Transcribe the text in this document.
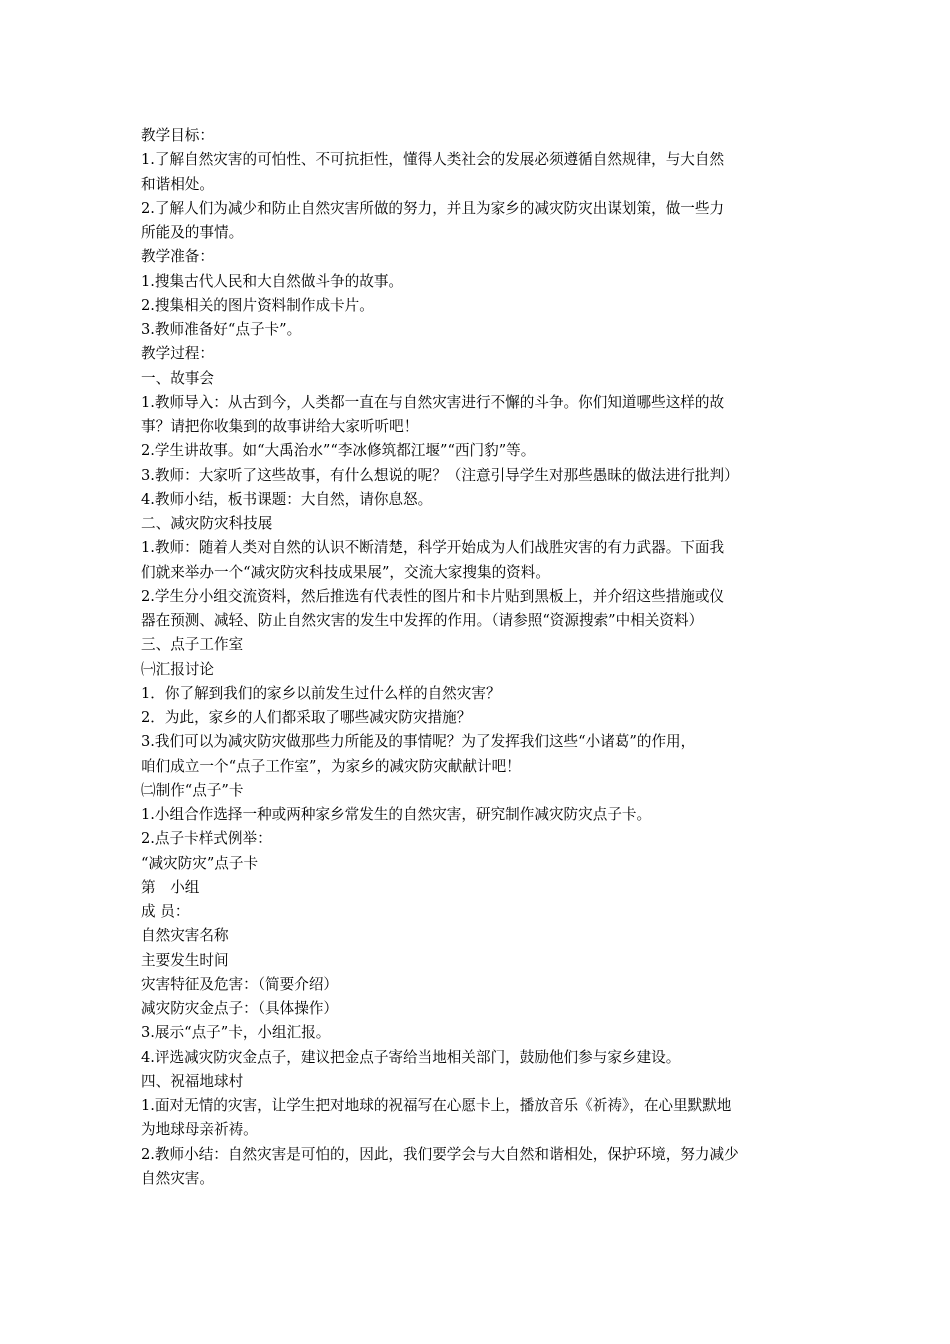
教学目标：
1.了解自然灾害的可怕性、不可抗拒性，懂得人类社会的发展必须遵循自然规律，与大自然
和谐相处。
2.了解人们为减少和防止自然灾害所做的努力，并且为家乡的减灾防灾出谋划策，做一些力
所能及的事情。
教学准备：
1.搜集古代人民和大自然做斗争的故事。
2.搜集相关的图片资料制作成卡片。
3.教师准备好“点子卡”。
教学过程：
一、故事会
1.教师导入：从古到今，人类都一直在与自然灾害进行不懈的斗争。你们知道哪些这样的故
事？请把你收集到的故事讲给大家听听吧！
2.学生讲故事。如“大禹治水”“李冰修筑都江堰”“西门豹”等。
3.教师：大家听了这些故事，有什么想说的呢？（注意引导学生对那些愚昧的做法进行批判）
4.教师小结，板书课题：大自然，请你息怒。
二、减灾防灾科技展
1.教师：随着人类对自然的认识不断清楚，科学开始成为人们战胜灾害的有力武器。下面我
们就来举办一个“减灾防灾科技成果展”，交流大家搜集的资料。
2.学生分小组交流资料，然后推选有代表性的图片和卡片贴到黑板上，并介绍这些措施或仪
器在预测、减轻、防止自然灾害的发生中发挥的作用。（请参照“资源搜索”中相关资料）
三、点子工作室
㈠汇报讨论
1．你了解到我们的家乡以前发生过什么样的自然灾害？
2．为此，家乡的人们都采取了哪些减灾防灾措施？
3.我们可以为减灾防灾做那些力所能及的事情呢？为了发挥我们这些“小诸葛”的作用，
咱们成立一个“点子工作室”，为家乡的减灾防灾献献计吧！
㈡制作“点子”卡
1.小组合作选择一种或两种家乡常发生的自然灾害，研究制作减灾防灾点子卡。
2.点子卡样式例举：
“减灾防灾”点子卡
第　小组
成 员：
自然灾害名称
主要发生时间
灾害特征及危害：（简要介绍）
减灾防灾金点子：（具体操作）
3.展示“点子”卡，小组汇报。
4.评选减灾防灾金点子，建议把金点子寄给当地相关部门，鼓励他们参与家乡建设。
四、祝福地球村
1.面对无情的灾害，让学生把对地球的祝福写在心愿卡上，播放音乐《祈祷》，在心里默默地
为地球母亲祈祷。
2.教师小结：自然灾害是可怕的，因此，我们要学会与大自然和谐相处，保护环境，努力减少
自然灾害。
